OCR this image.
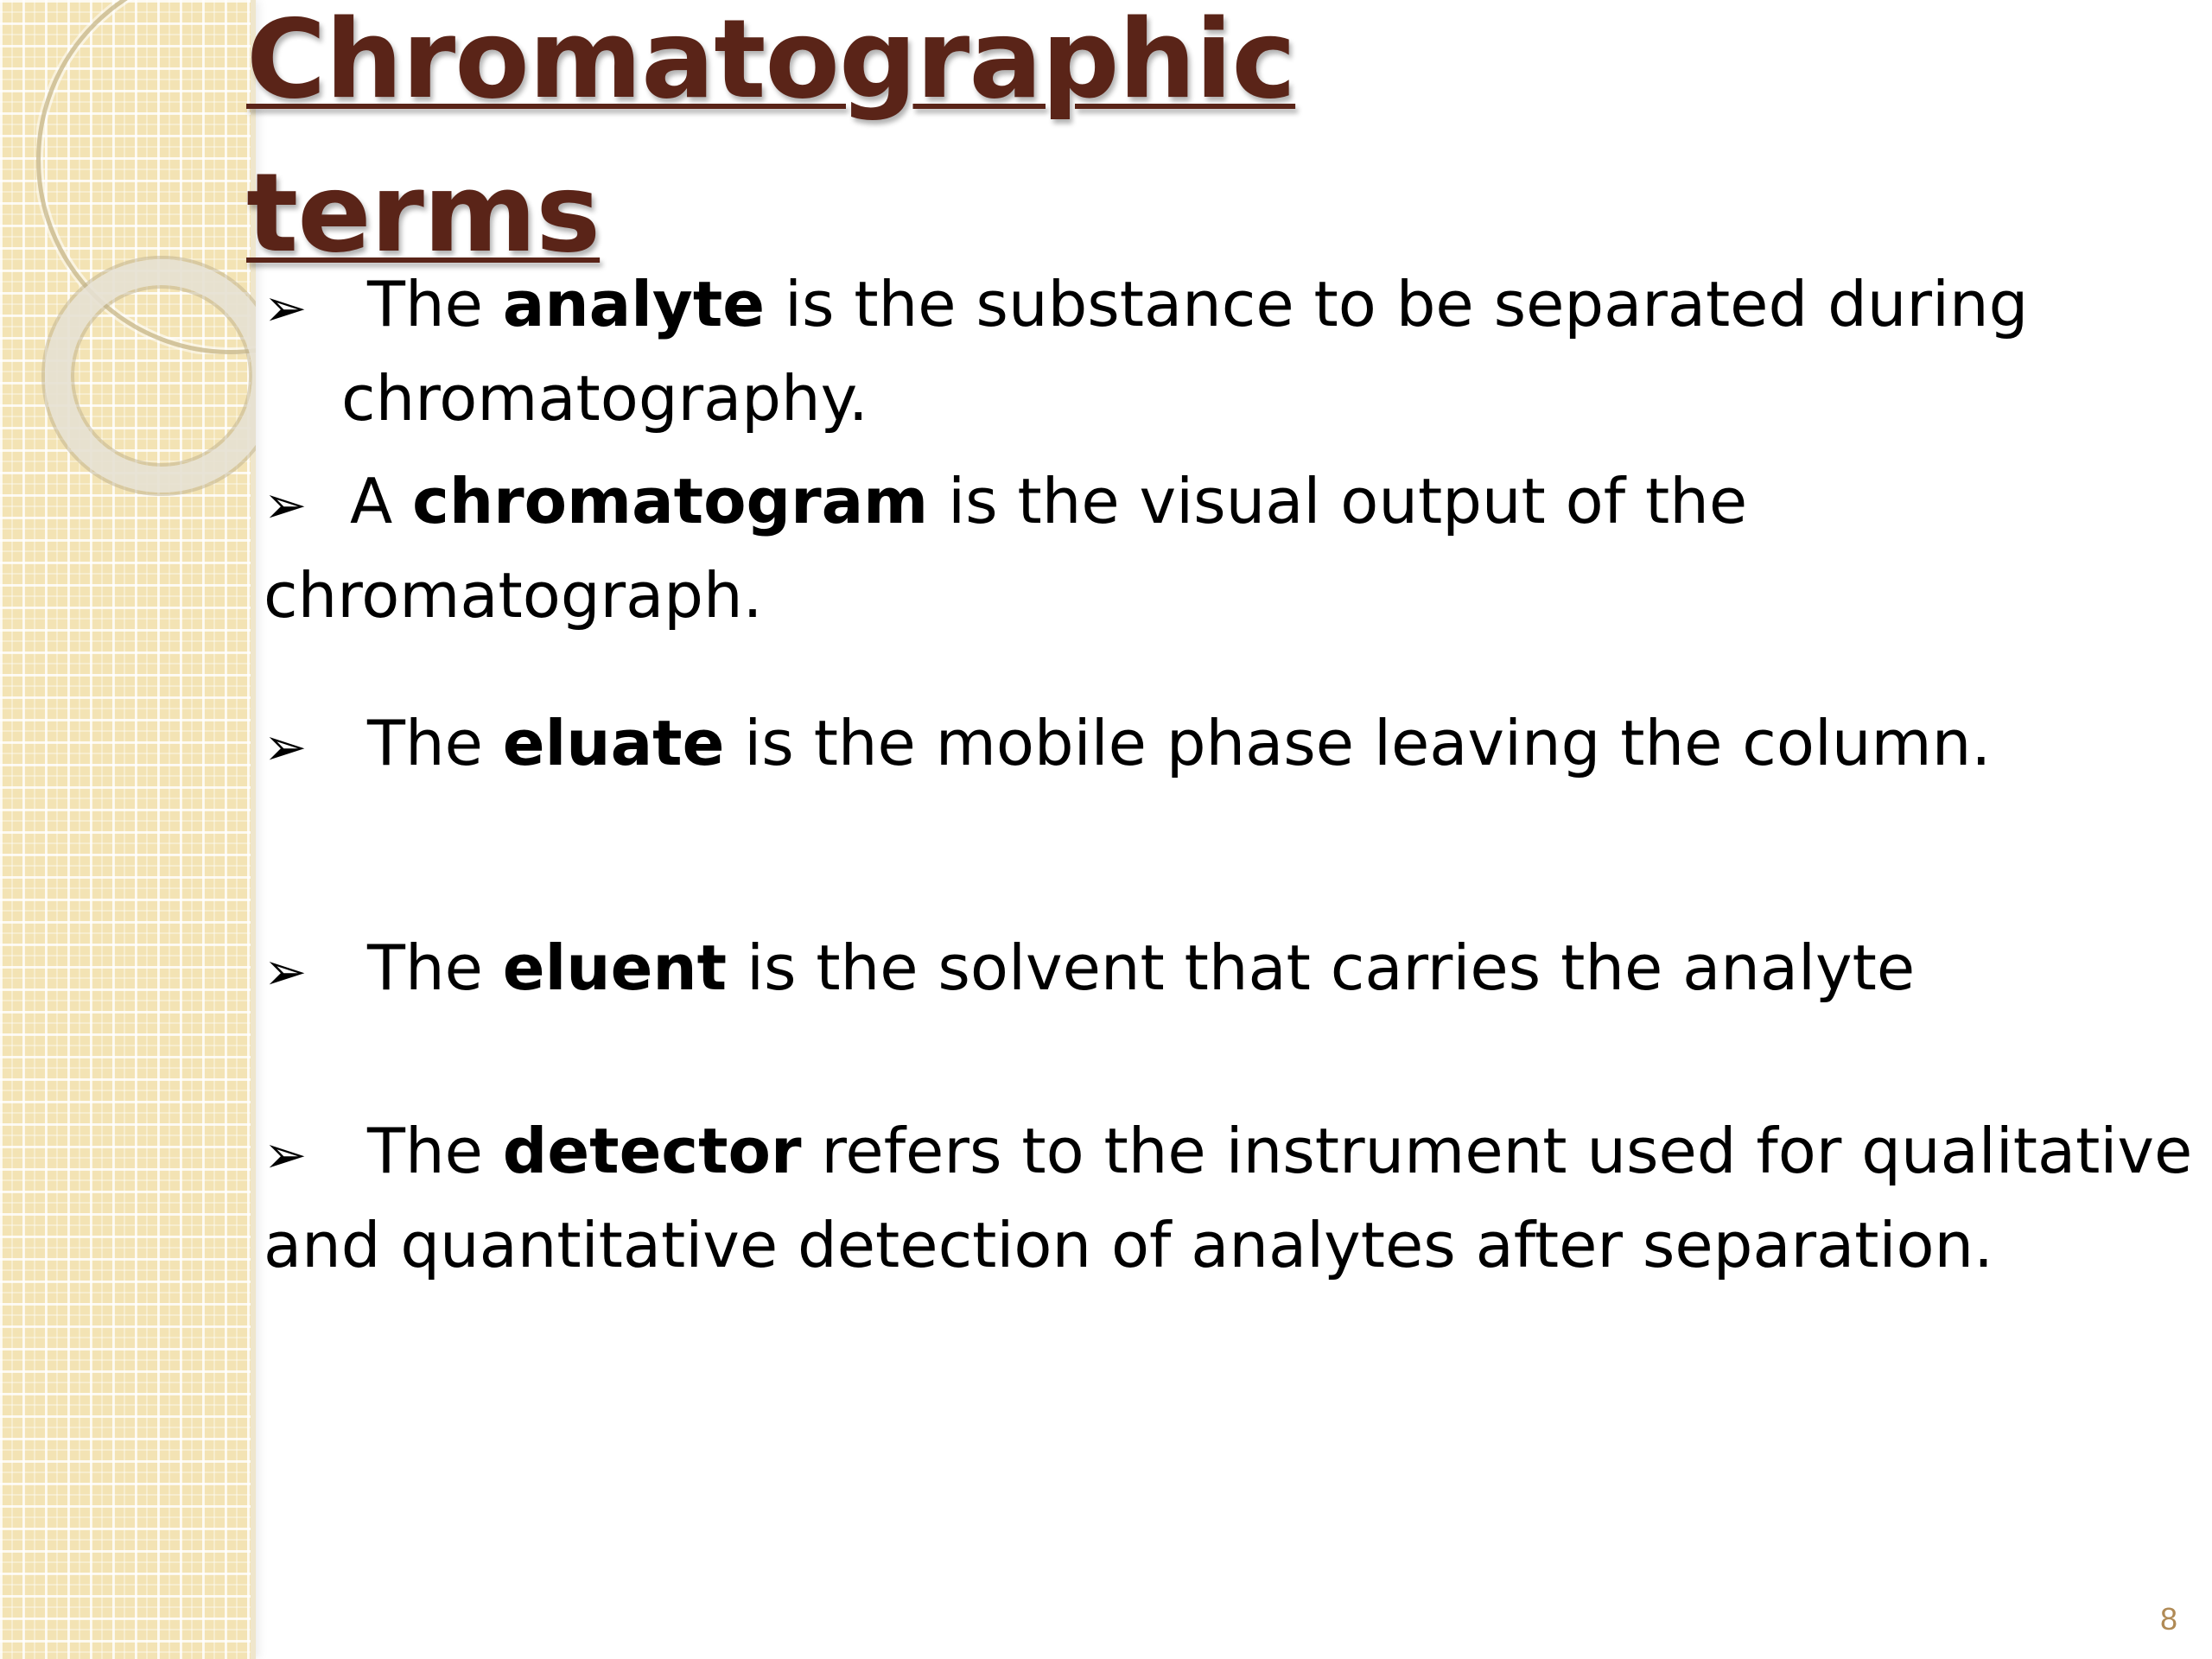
Chromatographic
terms
➢ The analyte is the substance to be separated during
chromatography.
➢ A chromatogram is the visual output of the
chromatograph.
➢ The eluate is the mobile phase leaving the column.
➢ The eluent is the solvent that carries the analyte
➢ The detector refers to the instrument used for qualitative
and quantitative detection of analytes after separation.
8
